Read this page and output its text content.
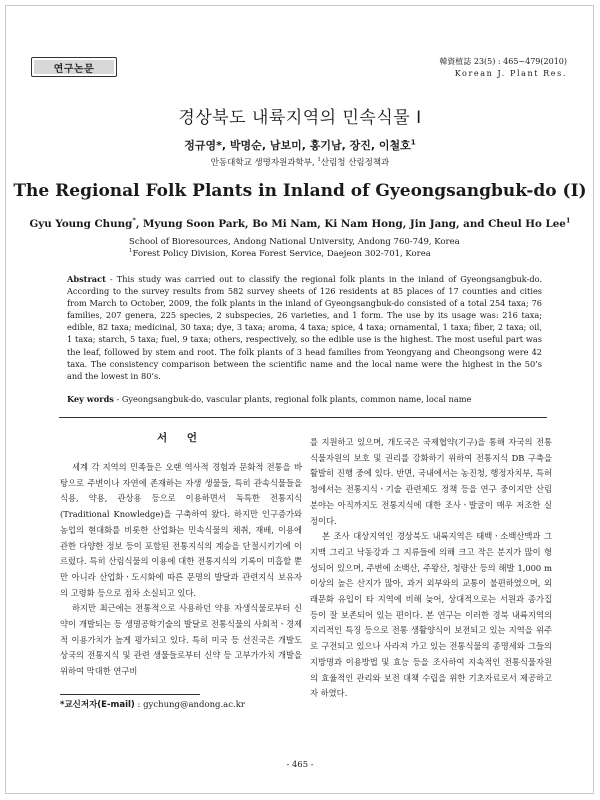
연구논문
韓資植誌 23(5) : 465~479(2010)
Korean J. Plant Res.
경상북도 내륙지역의 민속식물 Ⅰ
정규영*, 박명순, 남보미, 홍기남, 장진, 이철호$^1$
안동대학교 생명자원과학부, $^1$산림청 산림정책과
The Regional Folk Plants in Inland of Gyeongsangbuk-do (Ⅰ)
Gyu Young Chung*, Myung Soon Park, Bo Mi Nam, Ki Nam Hong, Jin Jang, and Cheul Ho Lee$^1$
School of Bioresources, Andong National University, Andong 760-749, Korea
$^1$Forest Policy Division, Korea Forest Service, Daejeon 302-701, Korea
Abstract - This study was carried out to classify the regional folk plants in the inland of Gyeongsangbuk-do. According to the survey results from 582 survey sheets of 126 residents at 85 places of 17 counties and cities from March to October, 2009, the folk plants in the inland of Gyeongsangbuk-do consisted of a total 254 taxa; 76 families, 207 genera, 225 species, 2 subspecies, 26 varieties, and 1 form. The use by its usage was: 216 taxa; edible, 82 taxa; medicinal, 30 taxa; dye, 3 taxa; aroma, 4 taxa; spice, 4 taxa; ornamental, 1 taxa; fiber, 2 taxa; oil, 1 taxa; starch, 5 taxa; fuel, 9 taxa; others, respectively, so the edible use is the highest. The most useful part was the leaf, followed by stem and root. The folk plants of 3 head families from Yeongyang and Cheongsong were 42 taxa. The consistency comparison between the scientific name and the local name were the highest in the 50’s and the lowest in 80’s.
Key words - Gyeongsangbuk-do, vascular plants, regional folk plants, common name, local name
서 언

세계 각 지역의 민족들은 오랜 역사적 경험과 문화적 전통을 바탕으로 주변이나 자연에 존재하는 자생 생물들, 특히 관속식물들을 식용, 약용, 관상용 등으로 이용하면서 독특한 전통지식(Traditional Knowledge)을 구축하여 왔다. 하지만 인구증가와 농업의 현대화를 비롯한 산업화는 민속식물의 채취, 재배, 이용에 관한 다양한 정보 등이 포함된 전통지식의 계승을 단절시키기에 이르렀다. 특히 산림식물의 이용에 대한 전통지식의 기록이 미흡할 뿐만 아니라 산업화ㆍ도시화에 따른 문명의 발달과 관련지식 보유자의 고령화 등으로 점차 소실되고 있다.

하지만 최근에는 전통적으로 사용하던 약용 자생식물로부터 신약이 개발되는 등 생명공학기술의 발달로 전통식물의 사회적ㆍ경제적 이용가치가 높게 평가되고 있다. 특히 미국 등 선진국은 개발도상국의 전통지식 및 관련 생물들로부터 신약 등 고부가가치 개발을 위하여 막대한 연구비

를 지원하고 있으며, 개도국은 국제협약(기구)을 통해 자국의 전통식물자원의 보호 및 권리를 강화하기 위하여 전통지식 DB 구축을 활발히 진행 중에 있다. 반면, 국내에서는 농진청, 행정자치부, 특허청에서는 전통지식ㆍ기술 관련제도 정책 등을 연구 중이지만 산림분야는 아직까지도 전통지식에 대한 조사ㆍ발굴이 매우 저조한 실정이다.

본 조사 대상지역인 경상북도 내륙지역은 태백ㆍ소백산맥과 그 지맥 그리고 낙동강과 그 지류들에 의해 크고 작은 분지가 많이 형성되어 있으며, 주변에 소백산, 주왕산, 청량산 등의 해발 1,000 m 이상의 높은 산지가 많아, 과거 외부와의 교통이 불편하였으며, 외래문화 유입이 타 지역에 비해 늦어, 상대적으로는 서원과 종가집 등이 잘 보존되어 있는 편이다. 본 연구는 이러한 경북 내륙지역의 지리적인 특징 등으로 전통 생활양식이 보전되고 있는 지역을 위주로 구전되고 있으나 사라져 가고 있는 전통식물의 종명세와 그들의 지방명과 이용방법 및 효능 등을 조사하여 지속적인 전통식물자원의 효율적인 관리와 보전 대책 수립을 위한 기초자료로서 제공하고자 하였다.

*교신저자(E-mail) : gychung@andong.ac.kr
- 465 -
